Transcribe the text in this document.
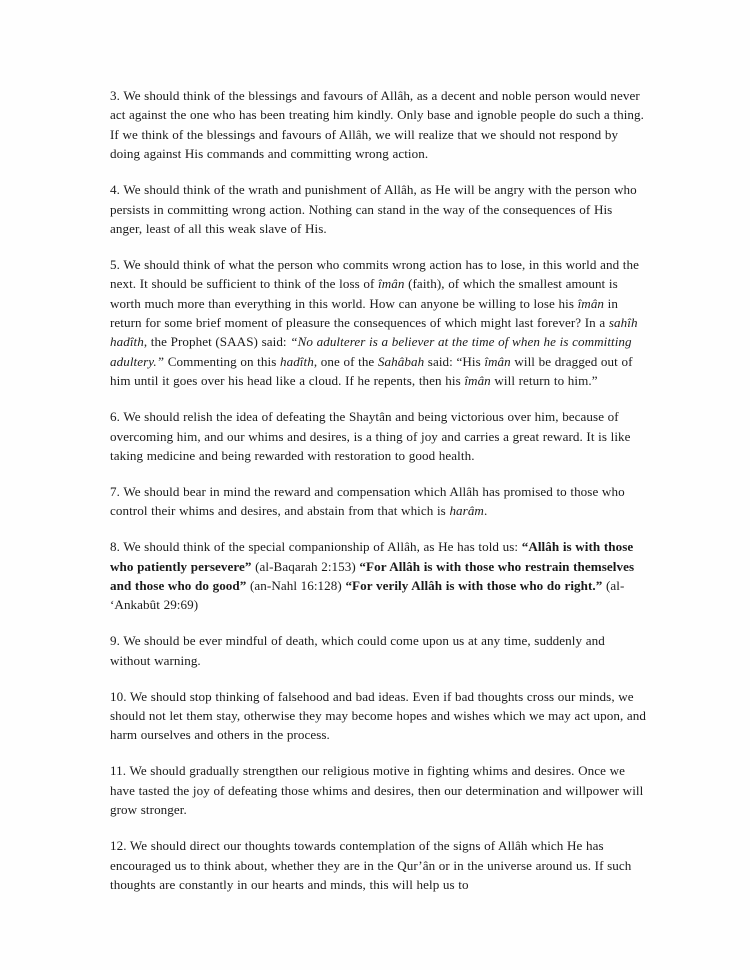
3. We should think of the blessings and favours of Allâh, as a decent and noble person would never act against the one who has been treating him kindly. Only base and ignoble people do such a thing. If we think of the blessings and favours of Allâh, we will realize that we should not respond by doing against His commands and committing wrong action.

4. We should think of the wrath and punishment of Allâh, as He will be angry with the person who persists in committing wrong action. Nothing can stand in the way of the consequences of His anger, least of all this weak slave of His.

5. We should think of what the person who commits wrong action has to lose, in this world and the next. It should be sufficient to think of the loss of îmân (faith), of which the smallest amount is worth much more than everything in this world. How can anyone be willing to lose his îmân in return for some brief moment of pleasure the consequences of which might last forever? In a sahîh hadîth, the Prophet (SAAS) said: “No adulterer is a believer at the time of when he is committing adultery.” Commenting on this hadîth, one of the Sahâbah said: “His îmân will be dragged out of him until it goes over his head like a cloud. If he repents, then his îmân will return to him.”

6. We should relish the idea of defeating the Shaytân and being victorious over him, because of overcoming him, and our whims and desires, is a thing of joy and carries a great reward. It is like taking medicine and being rewarded with restoration to good health.

7. We should bear in mind the reward and compensation which Allâh has promised to those who control their whims and desires, and abstain from that which is harâm.

8. We should think of the special companionship of Allâh, as He has told us: “Allâh is with those who patiently persevere” (al-Baqarah 2:153) “For Allâh is with those who restrain themselves and those who do good” (an-Nahl 16:128) “For verily Allâh is with those who do right.” (al-ʻAnkabût 29:69)

9. We should be ever mindful of death, which could come upon us at any time, suddenly and without warning.

10. We should stop thinking of falsehood and bad ideas. Even if bad thoughts cross our minds, we should not let them stay, otherwise they may become hopes and wishes which we may act upon, and harm ourselves and others in the process.

11. We should gradually strengthen our religious motive in fighting whims and desires. Once we have tasted the joy of defeating those whims and desires, then our determination and willpower will grow stronger.

12. We should direct our thoughts towards contemplation of the signs of Allâh which He has encouraged us to think about, whether they are in the Qur’ân or in the universe around us. If such thoughts are constantly in our hearts and minds, this will help us to
